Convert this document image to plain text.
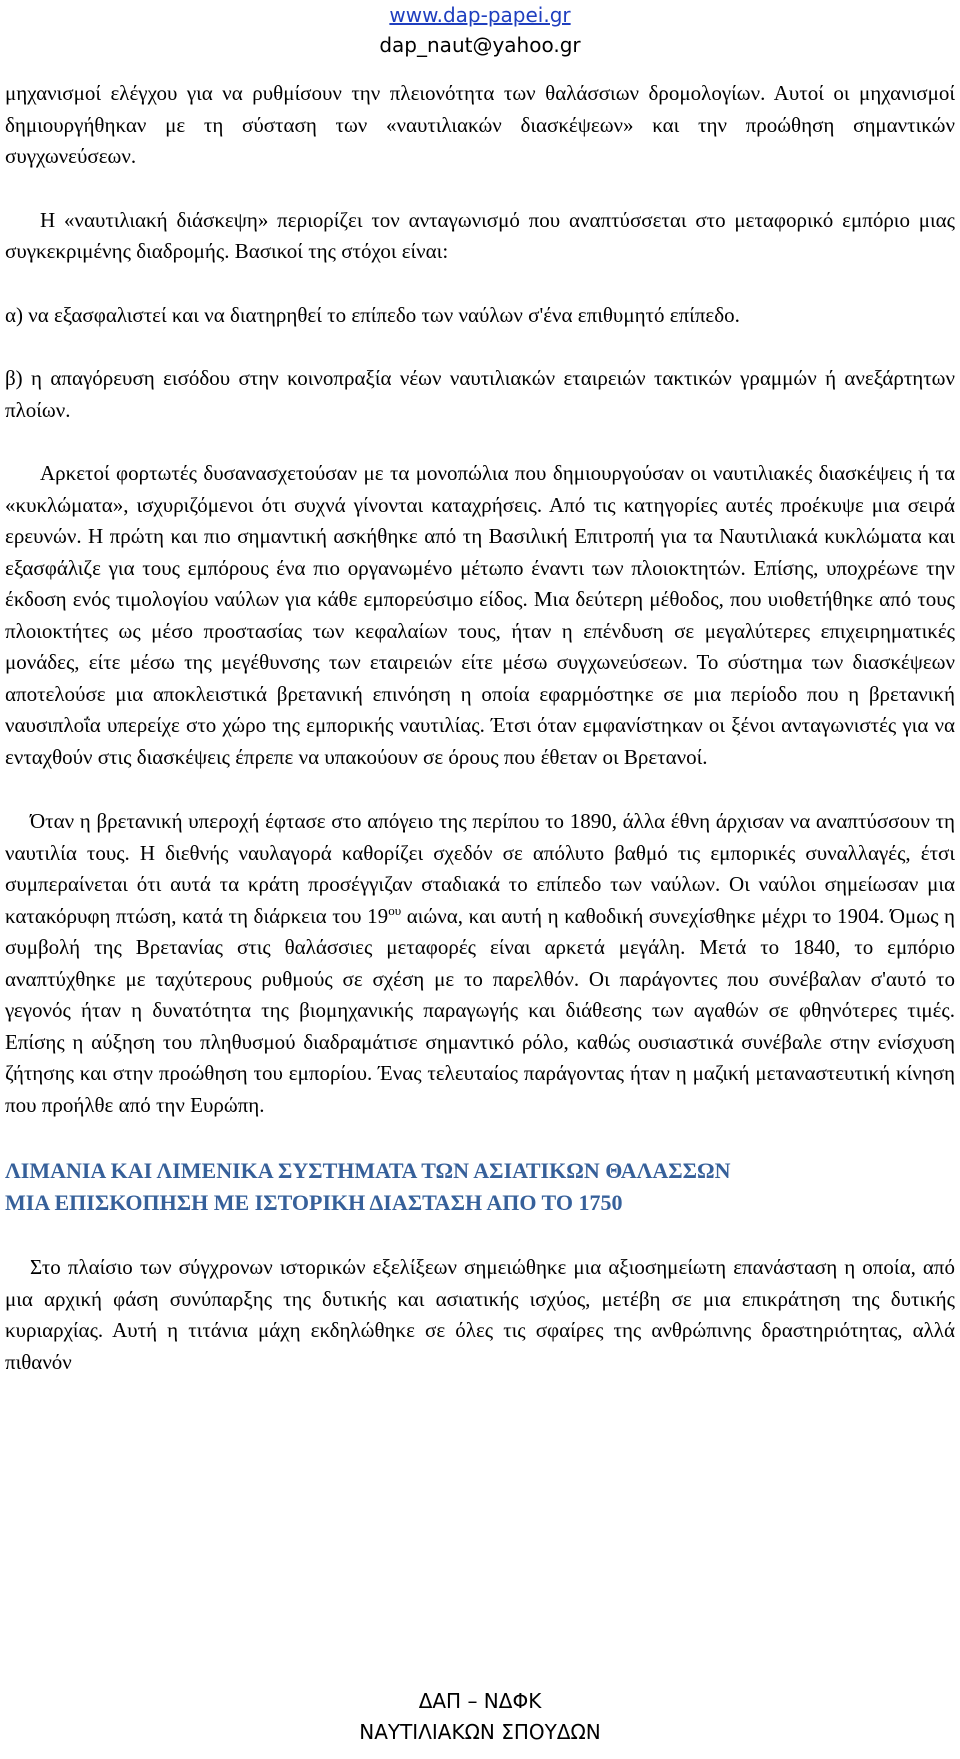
www.dap-papei.gr
dap_naut@yahoo.gr

μηχανισμοί ελέγχου για να ρυθμίσουν την πλειονότητα των θαλάσσιων δρομολογίων. Αυτοί οι μηχανισμοί δημιουργήθηκαν με τη σύσταση των «ναυτιλιακών διασκέψεων» και την προώθηση σημαντικών συγχωνεύσεων.

Η «ναυτιλιακή διάσκεψη» περιορίζει τον ανταγωνισμό που αναπτύσσεται στο μεταφορικό εμπόριο μιας συγκεκριμένης διαδρομής. Βασικοί της στόχοι είναι:

α) να εξασφαλιστεί και να διατηρηθεί το επίπεδο των ναύλων σ'ένα επιθυμητό επίπεδο.

β) η απαγόρευση εισόδου στην κοινοπραξία νέων ναυτιλιακών εταιρειών τακτικών γραμμών ή ανεξάρτητων πλοίων.

Αρκετοί φορτωτές δυσανασχετούσαν με τα μονοπώλια που δημιουργούσαν οι ναυτιλιακές διασκέψεις ή τα «κυκλώματα», ισχυριζόμενοι ότι συχνά γίνονται καταχρήσεις. Από τις κατηγορίες αυτές προέκυψε μια σειρά ερευνών. Η πρώτη και πιο σημαντική ασκήθηκε από τη Βασιλική Επιτροπή για τα Ναυτιλιακά κυκλώματα και εξασφάλιζε για τους εμπόρους ένα πιο οργανωμένο μέτωπο έναντι των πλοιοκτητών. Επίσης, υποχρέωνε την έκδοση ενός τιμολογίου ναύλων για κάθε εμπορεύσιμο είδος. Μια δεύτερη μέθοδος, που υιοθετήθηκε από τους πλοιοκτήτες ως μέσο προστασίας των κεφαλαίων τους, ήταν η επένδυση σε μεγαλύτερες επιχειρηματικές μονάδες, είτε μέσω της μεγέθυνσης των εταιρειών είτε μέσω συγχωνεύσεων. Το σύστημα των διασκέψεων αποτελούσε μια αποκλειστικά βρετανική επινόηση η οποία εφαρμόστηκε σε μια περίοδο που η βρετανική ναυσιπλοΐα υπερείχε στο χώρο της εμπορικής ναυτιλίας. Έτσι όταν εμφανίστηκαν οι ξένοι ανταγωνιστές για να ενταχθούν στις διασκέψεις έπρεπε να υπακούουν σε όρους που έθεταν οι Βρετανοί.

Όταν η βρετανική υπεροχή έφτασε στο απόγειο της περίπου το 1890, άλλα έθνη άρχισαν να αναπτύσσουν τη ναυτιλία τους. Η διεθνής ναυλαγορά καθορίζει σχεδόν σε απόλυτο βαθμό τις εμπορικές συναλλαγές, έτσι συμπεραίνεται ότι αυτά τα κράτη προσέγγιζαν σταδιακά το επίπεδο των ναύλων. Οι ναύλοι σημείωσαν μια κατακόρυφη πτώση, κατά τη διάρκεια του $19^{o\upsilon}$ αιώνα, και αυτή η καθοδική συνεχίσθηκε μέχρι το 1904. Όμως η συμβολή της Βρετανίας στις θαλάσσιες μεταφορές είναι αρκετά μεγάλη. Μετά το 1840, το εμπόριο αναπτύχθηκε με ταχύτερους ρυθμούς σε σχέση με το παρελθόν. Οι παράγοντες που συνέβαλαν σ'αυτό το γεγονός ήταν η δυνατότητα της βιομηχανικής παραγωγής και διάθεσης των αγαθών σε φθηνότερες τιμές. Επίσης η αύξηση του πληθυσμού διαδραμάτισε σημαντικό ρόλο, καθώς ουσιαστικά συνέβαλε στην ενίσχυση ζήτησης και στην προώθηση του εμπορίου. Ένας τελευταίος παράγοντας ήταν η μαζική μεταναστευτική κίνηση που προήλθε από την Ευρώπη.

ΛΙΜΑΝΙΑ ΚΑΙ ΛΙΜΕΝΙΚΑ ΣΥΣΤΗΜΑΤΑ ΤΩΝ ΑΣΙΑΤΙΚΩΝ ΘΑΛΑΣΣΩΝ
ΜΙΑ ΕΠΙΣΚΟΠΗΣΗ ΜΕ ΙΣΤΟΡΙΚΗ ΔΙΑΣΤΑΣΗ ΑΠΟ ΤΟ 1750

Στο πλαίσιο των σύγχρονων ιστορικών εξελίξεων σημειώθηκε μια αξιοσημείωτη επανάσταση η οποία, από μια αρχική φάση συνύπαρξης της δυτικής και ασιατικής ισχύος, μετέβη σε μια επικράτηση της δυτικής κυριαρχίας. Αυτή η τιτάνια μάχη εκδηλώθηκε σε όλες τις σφαίρες της ανθρώπινης δραστηριότητας, αλλά πιθανόν

ΔΑΠ – ΝΔΦΚ
ΝΑΥΤΙΛΙΑΚΩΝ ΣΠΟΥΔΩΝ
